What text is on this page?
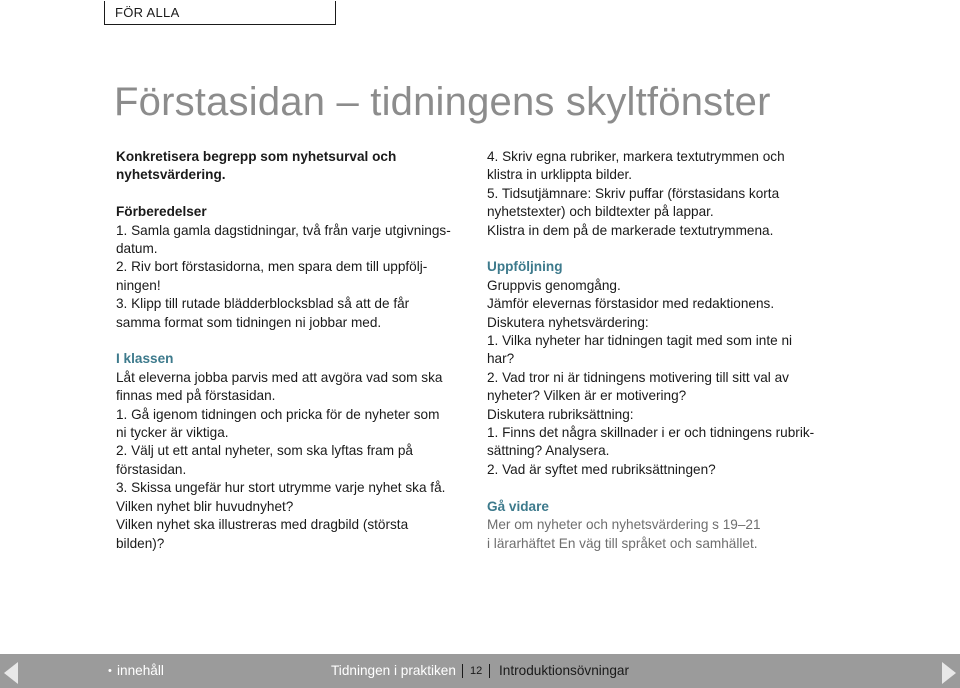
FÖR ALLA
Förstasidan – tidningens skyltfönster

Konkretisera begrepp som nyhetsurval och

nyhetsvärdering.

Förberedelser

1. Samla gamla dagstidningar, två från varje utgivnings-

datum.

2. Riv bort förstasidorna, men spara dem till uppfölj-

ningen!

3. Klipp till rutade blädderblocksblad så att de får

samma format som tidningen ni jobbar med.

I klassen

Låt eleverna jobba parvis med att avgöra vad som ska

finnas med på förstasidan.

1. Gå igenom tidningen och pricka för de nyheter som

ni tycker är viktiga.

2. Välj ut ett antal nyheter, som ska lyftas fram på

förstasidan.

3. Skissa ungefär hur stort utrymme varje nyhet ska få.

Vilken nyhet blir huvudnyhet?

Vilken nyhet ska illustreras med dragbild (största

bilden)?

4. Skriv egna rubriker, markera textutrymmen och

klistra in urklippta bilder.

5. Tidsutjämnare: Skriv puffar (förstasidans korta

nyhetstexter) och bildtexter på lappar.

Klistra in dem på de markerade textutrymmena.

Uppföljning

Gruppvis genomgång.

Jämför elevernas förstasidor med redaktionens.

Diskutera nyhetsvärdering:

1. Vilka nyheter har tidningen tagit med som inte ni

har?

2. Vad tror ni är tidningens motivering till sitt val av

nyheter? Vilken är er motivering?

Diskutera rubriksättning:

1. Finns det några skillnader i er och tidningens rubrik-

sättning? Analysera.

2. Vad är syftet med rubriksättningen?

Gå vidare

Mer om nyheter och nyhetsvärdering s 19–21

i lärarhäftet En väg till språket och samhället.

• innehåll	Tidningen i praktiken 12 Introduktionsövningar
